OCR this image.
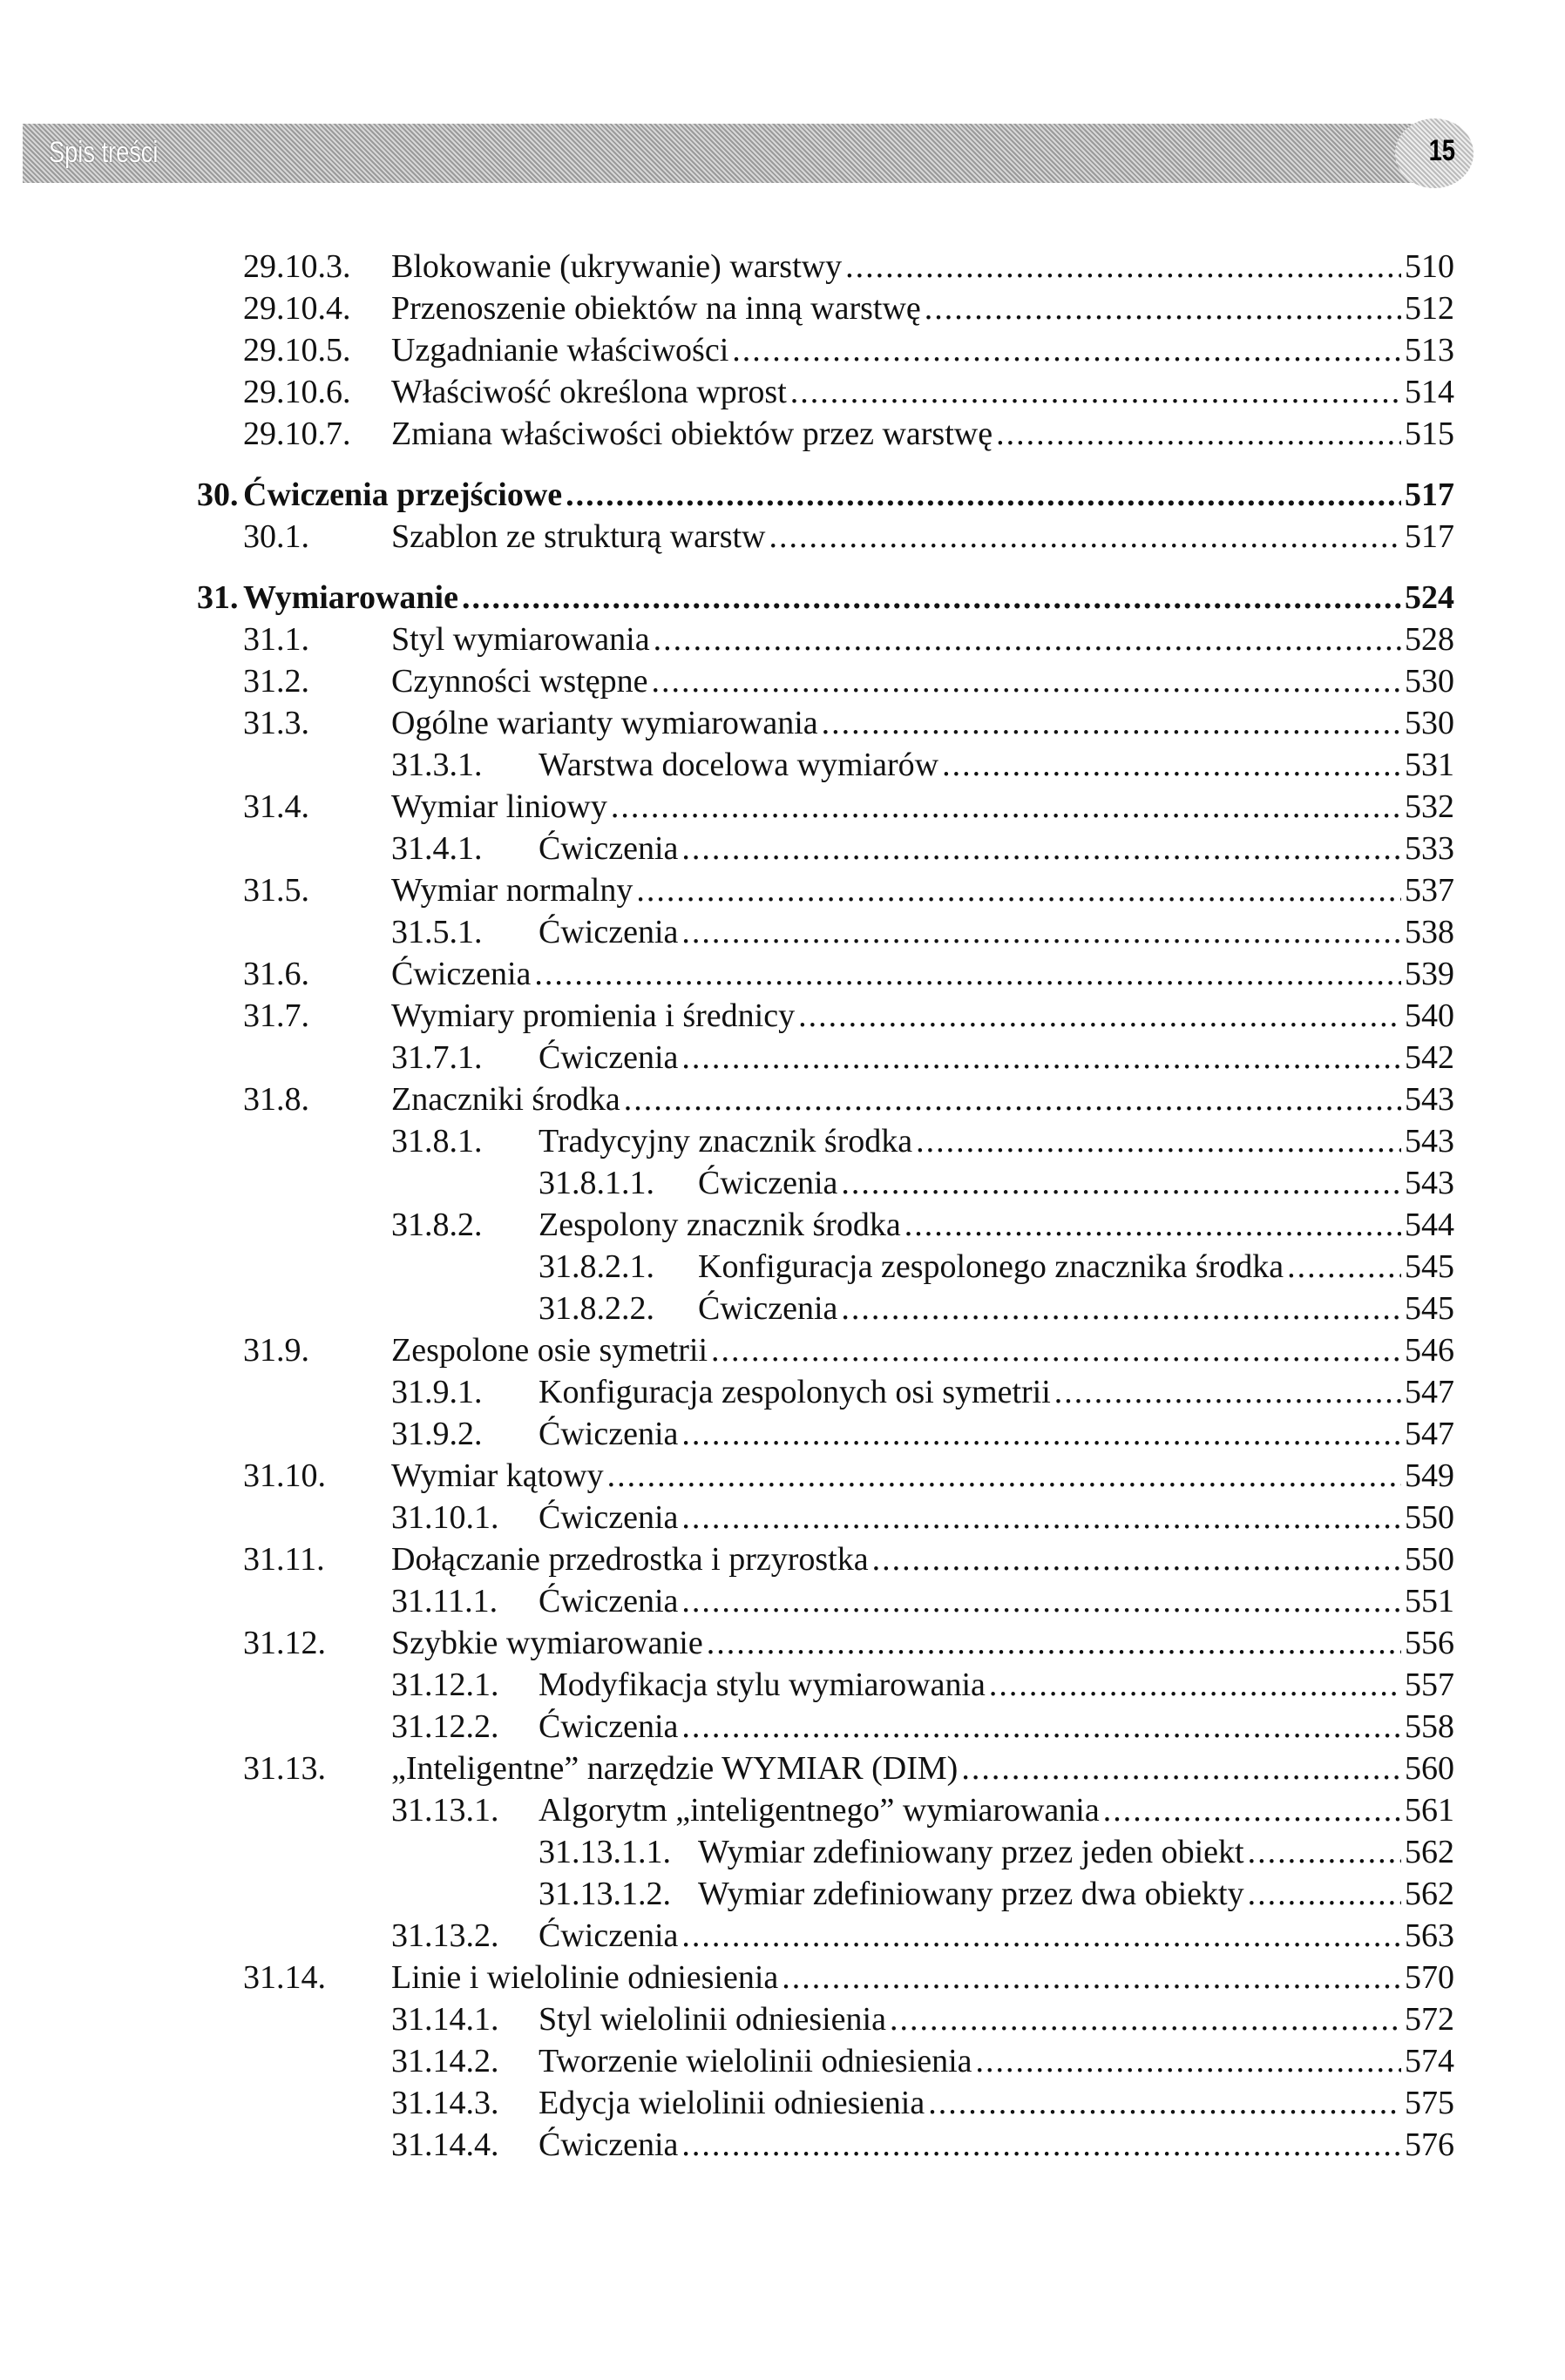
Spis treści	15
29.10.3. Blokowanie (ukrywanie) warstwy .....	510
29.10.4. Przenoszenie obiektów na inną warstwę .....	512
29.10.5. Uzgadnianie właściwości .....	513
29.10.6. Właściwość określona wprost .....	514
29.10.7. Zmiana właściwości obiektów przez warstwę .....	515
30. Ćwiczenia przejściowe .....	517
30.1. Szablon ze strukturą warstw .....	517
31. Wymiarowanie .....	524
31.1. Styl wymiarowania .....	528
31.2. Czynności wstępne .....	530
31.3. Ogólne warianty wymiarowania .....	530
31.3.1. Warstwa docelowa wymiarów .....	531
31.4. Wymiar liniowy .....	532
31.4.1. Ćwiczenia .....	533
31.5. Wymiar normalny .....	537
31.5.1. Ćwiczenia .....	538
31.6. Ćwiczenia .....	539
31.7. Wymiary promienia i średnicy .....	540
31.7.1. Ćwiczenia .....	542
31.8. Znaczniki środka .....	543
31.8.1. Tradycyjny znacznik środka .....	543
31.8.1.1. Ćwiczenia .....	543
31.8.2. Zespolony znacznik środka .....	544
31.8.2.1. Konfiguracja zespolonego znacznika środka .....	545
31.8.2.2. Ćwiczenia .....	545
31.9. Zespolone osie symetrii .....	546
31.9.1. Konfiguracja zespolonych osi symetrii .....	547
31.9.2. Ćwiczenia .....	547
31.10. Wymiar kątowy .....	549
31.10.1. Ćwiczenia .....	550
31.11. Dołączanie przedrostka i przyrostka .....	550
31.11.1. Ćwiczenia .....	551
31.12. Szybkie wymiarowanie .....	556
31.12.1. Modyfikacja stylu wymiarowania .....	557
31.12.2. Ćwiczenia .....	558
31.13. „Inteligentne” narzędzie WYMIAR (DIM) .....	560
31.13.1. Algorytm „inteligentnego” wymiarowania .....	561
31.13.1.1. Wymiar zdefiniowany przez jeden obiekt .....	562
31.13.1.2. Wymiar zdefiniowany przez dwa obiekty .....	562
31.13.2. Ćwiczenia .....	563
31.14. Linie i wielolinie odniesienia .....	570
31.14.1. Styl wielolinii odniesienia .....	572
31.14.2. Tworzenie wielolinii odniesienia .....	574
31.14.3. Edycja wielolinii odniesienia .....	575
31.14.4. Ćwiczenia .....	576
